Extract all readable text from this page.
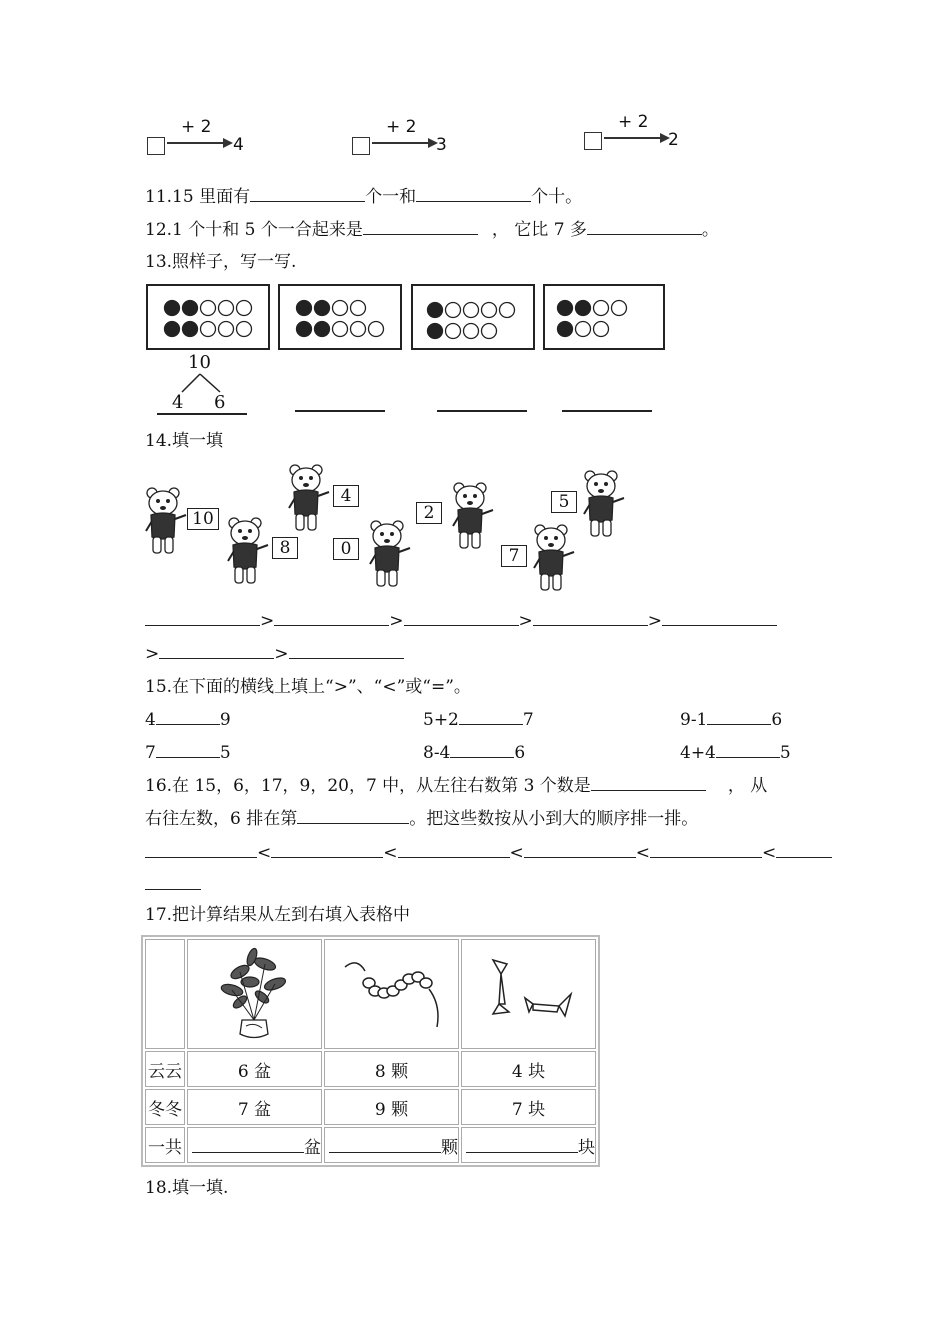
+ 2
4
+ 2
3
+ 2
2
11.15 里面有	个一和	个十。
12.1 个十和 5 个一合起来是	， 它比 7 多	。
13.照样子，写一写.
10
4 6
14.填一填
10
8
4
0
2
7
5
>	>	>	>
>	>
15.在下面的横线上填上“>”、“<”或“=”。
4	9	5+2	7	9-1	6
7	5	8-4	6	4+4	5
16.在 15，6，17，9，20，7 中，从左往右数第 3 个数是	， 从
右往左数，6 排在第	。把这些数按从小到大的顺序排一排。
<	<	<	<	<
17.把计算结果从左到右填入表格中

云云	6 盆	8 颗	4 块
冬冬	7 盆	9 颗	7 块
一共	盆	颗	块
18.填一填.
